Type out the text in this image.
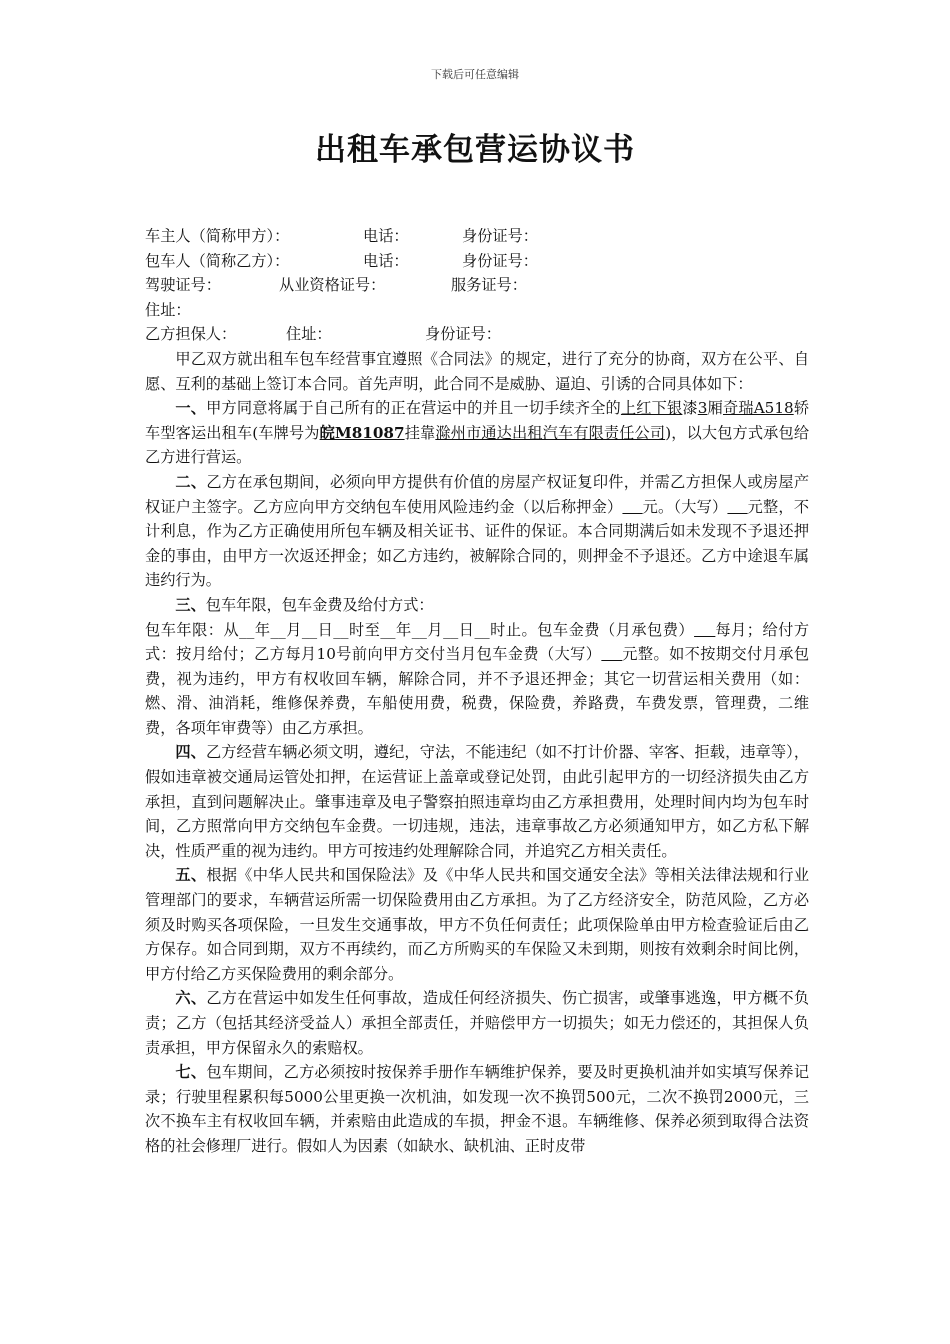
下载后可任意编辑
出租车承包营运协议书
车主人（简称甲方）：	电话：	身份证号：
包车人（简称乙方）：	电话：	身份证号：
驾驶证号：	从业资格证号：	服务证号：
住址：
乙方担保人：	住址：	身份证号：

甲乙双方就出租车包车经营事宜遵照《合同法》的规定，进行了充分的协商，双方在公平、自愿、互利的基础上签订本合同。首先声明，此合同不是威胁、逼迫、引诱的合同具体如下：

一、甲方同意将属于自己所有的正在营运中的并且一切手续齐全的上红下银漆3厢奇瑞A518轿车型客运出租车(车牌号为皖M81087挂靠滁州市通达出租汽车有限责任公司)，以大包方式承包给乙方进行营运。

二、乙方在承包期间，必须向甲方提供有价值的房屋产权证复印件，并需乙方担保人或房屋产权证户主签字。乙方应向甲方交纳包车使用风险违约金（以后称押金） 元。（大写） 元整，不计利息，作为乙方正确使用所包车辆及相关证书、证件的保证。本合同期满后如未发现不予退还押金的事由，由甲方一次返还押金；如乙方违约，被解除合同的，则押金不予退还。乙方中途退车属违约行为。

三、包车年限，包车金费及给付方式：

包车年限：从__年__月__日__时至__年__月__日__时止。包车金费（月承包费） 每月；给付方式：按月给付；乙方每月10号前向甲方交付当月包车金费（大写） 元整。如不按期交付月承包费，视为违约，甲方有权收回车辆，解除合同，并不予退还押金；其它一切营运相关费用（如：燃、滑、油消耗，维修保养费，车船使用费，税费，保险费，养路费，车费发票，管理费，二维费，各项年审费等）由乙方承担。

四、乙方经营车辆必须文明，遵纪，守法，不能违纪（如不打计价器、宰客、拒载，违章等），假如违章被交通局运管处扣押，在运营证上盖章或登记处罚，由此引起甲方的一切经济损失由乙方承担，直到问题解决止。肇事违章及电子警察拍照违章均由乙方承担费用，处理时间内均为包车时间，乙方照常向甲方交纳包车金费。一切违规，违法，违章事故乙方必须通知甲方，如乙方私下解决，性质严重的视为违约。甲方可按违约处理解除合同，并追究乙方相关责任。

五、根据《中华人民共和国保险法》及《中华人民共和国交通安全法》等相关法律法规和行业管理部门的要求，车辆营运所需一切保险费用由乙方承担。为了乙方经济安全，防范风险，乙方必须及时购买各项保险，一旦发生交通事故，甲方不负任何责任；此项保险单由甲方检查验证后由乙方保存。如合同到期，双方不再续约，而乙方所购买的车保险又未到期，则按有效剩余时间比例，甲方付给乙方买保险费用的剩余部分。

六、乙方在营运中如发生任何事故，造成任何经济损失、伤亡损害，或肇事逃逸，甲方概不负责；乙方（包括其经济受益人）承担全部责任，并赔偿甲方一切损失；如无力偿还的，其担保人负责承担，甲方保留永久的索赔权。

七、包车期间，乙方必须按时按保养手册作车辆维护保养，要及时更换机油并如实填写保养记录；行驶里程累积每5000公里更换一次机油，如发现一次不换罚500元，二次不换罚2000元，三次不换车主有权收回车辆，并索赔由此造成的车损，押金不退。车辆维修、保养必须到取得合法资格的社会修理厂进行。假如人为因素（如缺水、缺机油、正时皮带
